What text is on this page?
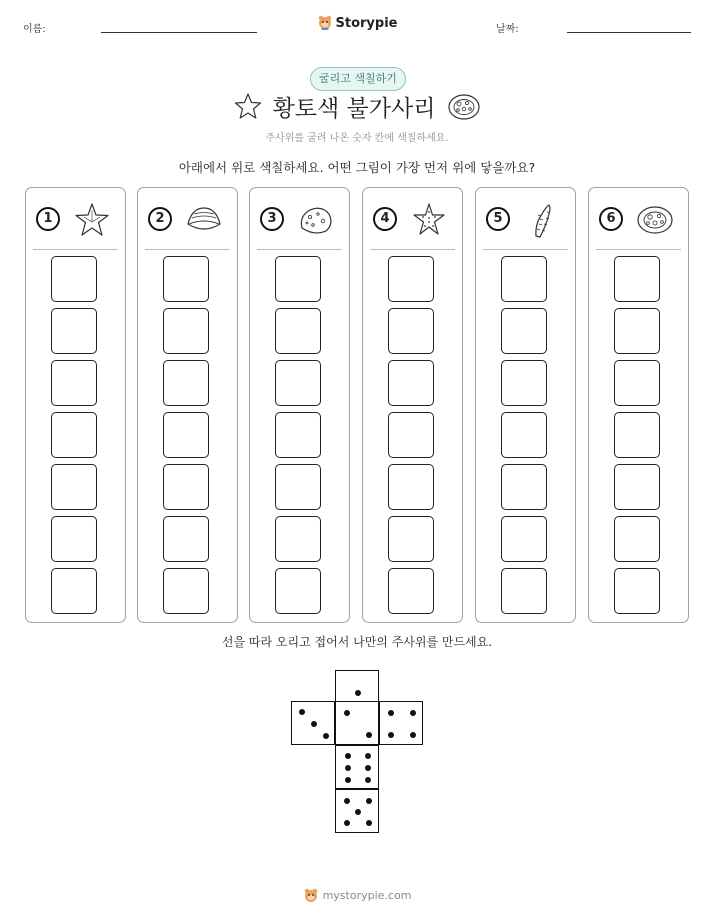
이름:	Storypie	날짜:
굴리고 색칠하기
황토색 불가사리
주사위를 굴려 나온 숫자 칸에 색칠하세요.
아래에서 위로 색칠하세요. 어떤 그림이 가장 먼저 위에 닿을까요?
1	2	3	4	5	6
선을 따라 오리고 접어서 나만의 주사위를 만드세요.
mystorypie.com
